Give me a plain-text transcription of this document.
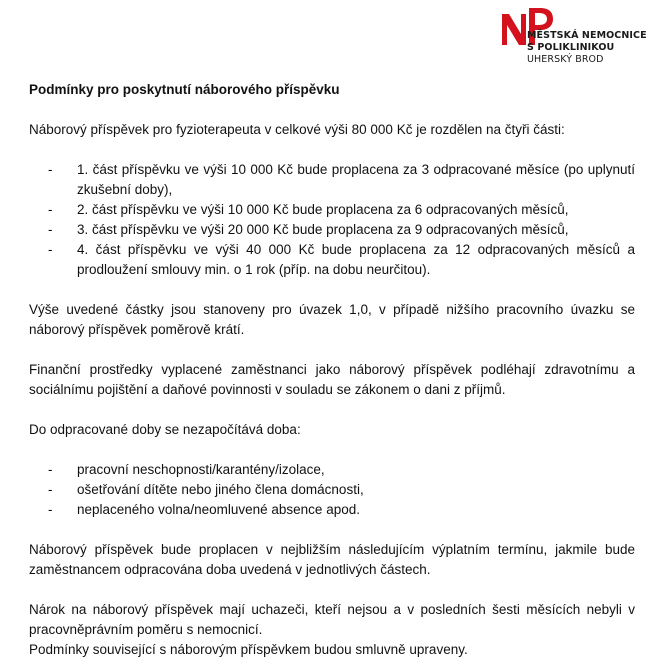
MĚSTSKÁ NEMOCNICE
S POLIKLINIKOU
UHERSKÝ BROD

Podmínky pro poskytnutí náborového příspěvku

Náborový příspěvek pro fyzioterapeuta v celkové výši 80 000 Kč je rozdělen na čtyři části:

- 1. část příspěvku ve výši 10 000 Kč bude proplacena za 3 odpracované měsíce (po uplynutí zkušební doby),
- 2. část příspěvku ve výši 10 000 Kč bude proplacena za 6 odpracovaných měsíců,
- 3. část příspěvku ve výši 20 000 Kč bude proplacena za 9 odpracovaných měsíců,
- 4. část příspěvku ve výši 40 000 Kč bude proplacena za 12 odpracovaných měsíců a prodloužení smlouvy min. o 1 rok (příp. na dobu neurčitou).

Výše uvedené částky jsou stanoveny pro úvazek 1,0, v případě nižšího pracovního úvazku se náborový příspěvek poměrově krátí.

Finanční prostředky vyplacené zaměstnanci jako náborový příspěvek podléhají zdravotnímu a sociálnímu pojištění a daňové povinnosti v souladu se zákonem o dani z příjmů.

Do odpracované doby se nezapočítává doba:

- pracovní neschopnosti/karantény/izolace,
- ošetřování dítěte nebo jiného člena domácnosti,
- neplaceného volna/neomluvené absence apod.

Náborový příspěvek bude proplacen v nejbližším následujícím výplatním termínu, jakmile bude zaměstnancem odpracována doba uvedená v jednotlivých částech.

Nárok na náborový příspěvek mají uchazeči, kteří nejsou a v posledních šesti měsících nebyli v pracovněprávním poměru s nemocnicí.

Podmínky související s náborovým příspěvkem budou smluvně upraveny.
